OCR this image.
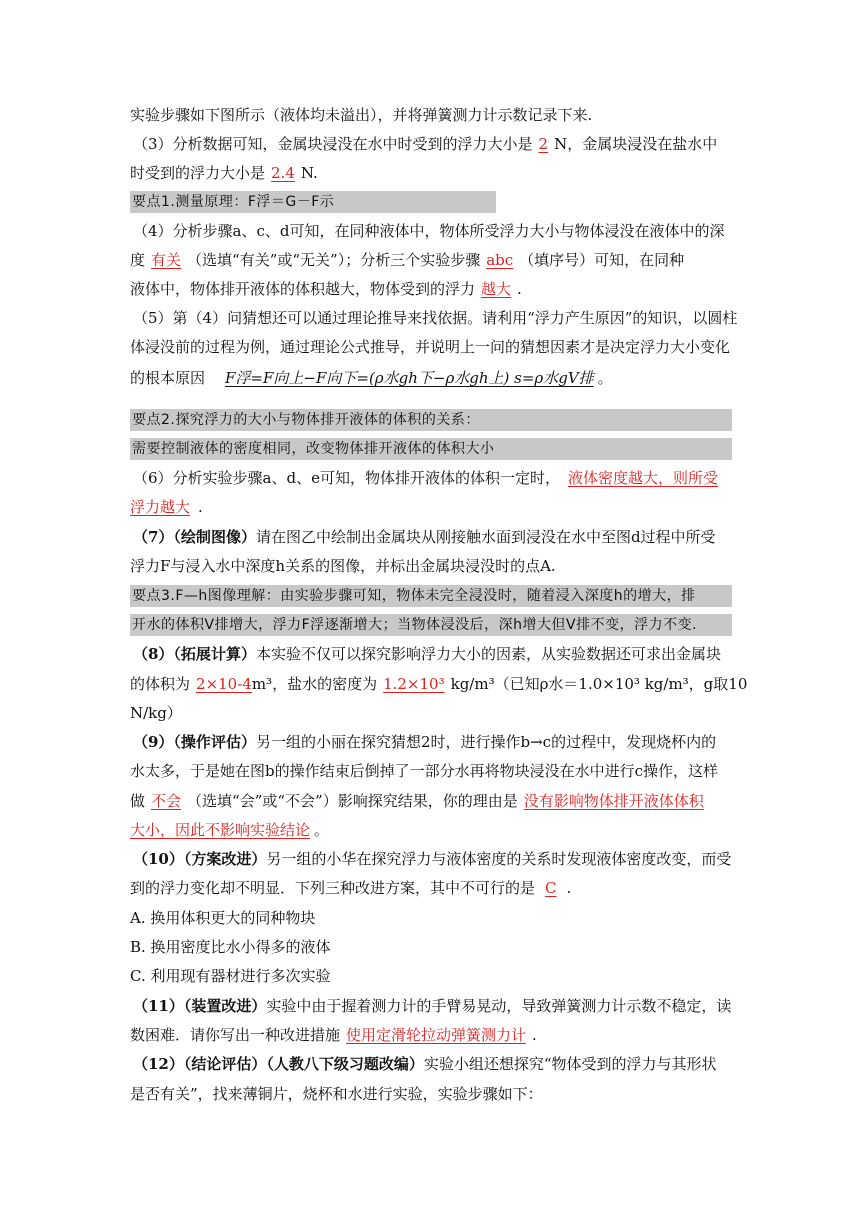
实验步骤如下图所示（液体均未溢出），并将弹簧测力计示数记录下来.
（3）分析数据可知，金属块浸没在水中时受到的浮力大小是 2 N，金属块浸没在盐水中
时受到的浮力大小是 2.4 N.
要点1.测量原理：F浮＝G－F示
（4）分析步骤a、c、d可知，在同种液体中，物体所受浮力大小与物体浸没在液体中的深
度 有关 （选填“有关”或“无关”）；分析三个实验步骤 abc （填序号）可知，在同种
液体中，物体排开液体的体积越大，物体受到的浮力 越大 .
（5）第（4）问猜想还可以通过理论推导来找依据。请利用“浮力产生原因”的知识，以圆柱
体浸没前的过程为例，通过理论公式推导，并说明上一问的猜想因素才是决定浮力大小变化
的根本原因 F浮=F向上−F向下=(ρ水gh下−ρ水gh上) s=ρ水gV排 。
要点2.探究浮力的大小与物体排开液体的体积的关系：
需要控制液体的密度相同，改变物体排开液体的体积大小
（6）分析实验步骤a、d、e可知，物体排开液体的体积一定时， 液体密度越大，则所受
浮力越大 .
（7）（绘制图像）请在图乙中绘制出金属块从刚接触水面到浸没在水中至图d过程中所受
浮力F与浸入水中深度h关系的图像，并标出金属块浸没时的点A.
要点3.F—h图像理解：由实验步骤可知，物体未完全浸没时，随着浸入深度h的增大，排
开水的体积V排增大，浮力F浮逐渐增大；当物体浸没后，深h增大但V排不变，浮力不变.
（8）（拓展计算）本实验不仅可以探究影响浮力大小的因素，从实验数据还可求出金属块
的体积为 2×10-4m³，盐水的密度为 1.2×10³ kg/m³（已知ρ水＝1.0×10³ kg/m³，g取10
N/kg）
（9）（操作评估）另一组的小丽在探究猜想2时，进行操作b→c的过程中，发现烧杯内的
水太多，于是她在图b的操作结束后倒掉了一部分水再将物块浸没在水中进行c操作，这样
做 不会 （选填“会”或“不会”）影响探究结果，你的理由是 没有影响物体排开液体体积
大小，因此不影响实验结论 。
（10）（方案改进）另一组的小华在探究浮力与液体密度的关系时发现液体密度改变，而受
到的浮力变化却不明显．下列三种改进方案，其中不可行的是 C .
A. 换用体积更大的同种物块
B. 换用密度比水小得多的液体
C. 利用现有器材进行多次实验
（11）（装置改进）实验中由于握着测力计的手臂易晃动，导致弹簧测力计示数不稳定，读
数困难．请你写出一种改进措施 使用定滑轮拉动弹簧测力计 .
（12）（结论评估）（人教八下级习题改编）实验小组还想探究“物体受到的浮力与其形状
是否有关”，找来薄铜片，烧杯和水进行实验，实验步骤如下：
